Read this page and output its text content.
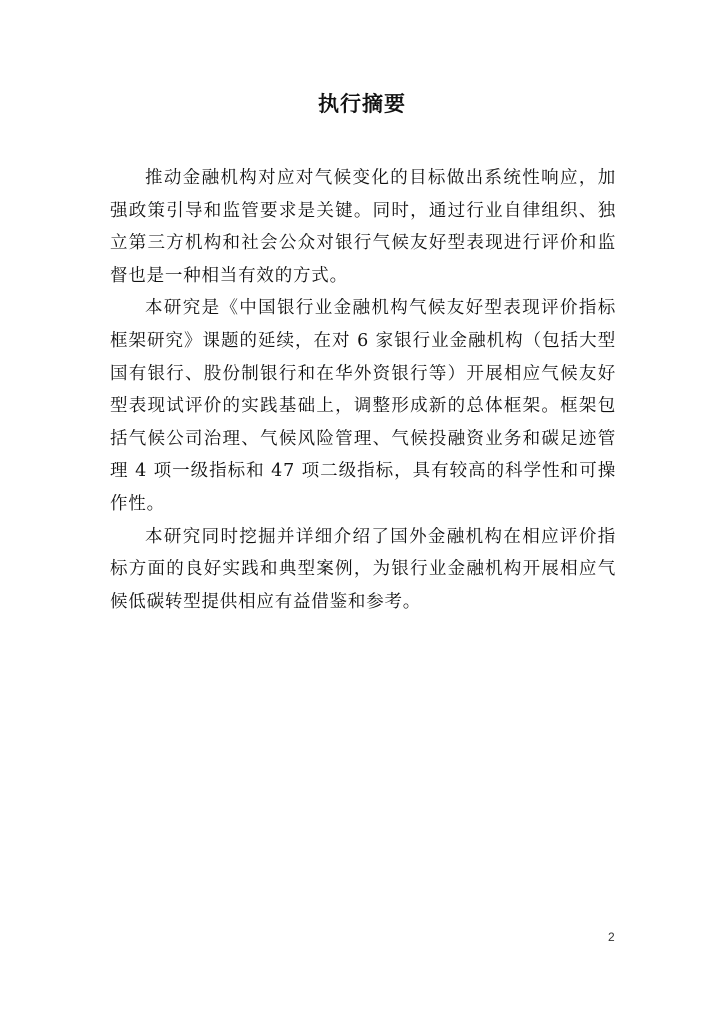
执行摘要

推动金融机构对应对气候变化的目标做出系统性响应，加强政策引导和监管要求是关键。同时，通过行业自律组织、独立第三方机构和社会公众对银行气候友好型表现进行评价和监督也是一种相当有效的方式。

本研究是《中国银行业金融机构气候友好型表现评价指标框架研究》课题的延续，在对 6 家银行业金融机构（包括大型国有银行、股份制银行和在华外资银行等）开展相应气候友好型表现试评价的实践基础上，调整形成新的总体框架。框架包括气候公司治理、气候风险管理、气候投融资业务和碳足迹管理 4 项一级指标和 47 项二级指标，具有较高的科学性和可操作性。

本研究同时挖掘并详细介绍了国外金融机构在相应评价指标方面的良好实践和典型案例，为银行业金融机构开展相应气候低碳转型提供相应有益借鉴和参考。

2
